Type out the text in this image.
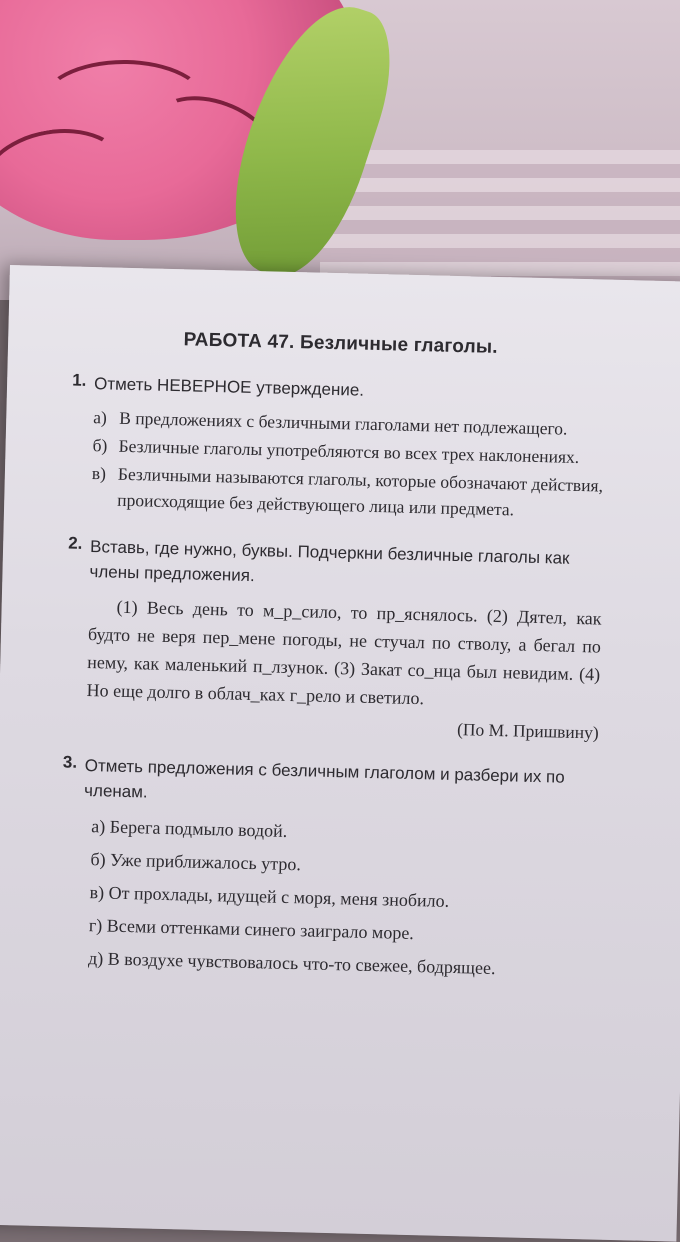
РАБОТА 47. Безличные глаголы.
1. Отметь НЕВЕРНОЕ утверждение.
а) В предложениях с безличными глаголами нет подлежащего.
б) Безличные глаголы употребляются во всех трех наклонениях.
в) Безличными называются глаголы, которые обозначают действия, происходящие без действующего лица или предмета.
2. Вставь, где нужно, буквы. Подчеркни безличные глаголы как члены предложения.
(1) Весь день то м_р_сило, то пр_яснялось. (2) Дятел, как будто не веря пер_мене погоды, не стучал по стволу, а бегал по нему, как маленький п_лзунок. (3) Закат со_нца был невидим. (4) Но еще долго в облач_ках г_рело и светило.
(По М. Пришвину)
3. Отметь предложения с безличным глаголом и разбери их по членам.
а) Берега подмыло водой.
б) Уже приближалось утро.
в) От прохлады, идущей с моря, меня знобило.
г) Всеми оттенками синего заиграло море.
д) В воздухе чувствовалось что-то свежее, бодрящее.
